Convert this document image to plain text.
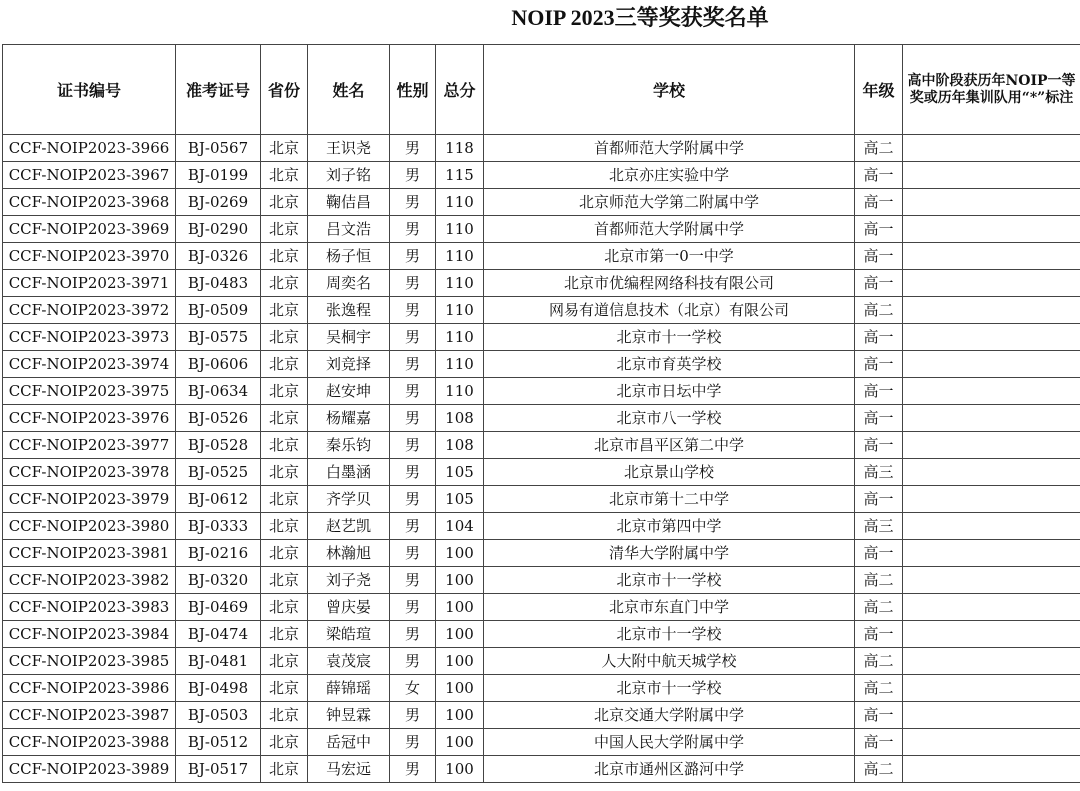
NOIP 2023三等奖获奖名单
证书编号	准考证号	省份	姓名	性别	总分	学校	年级	高中阶段获历年NOIP一等奖或历年集训队用“*”标注
CCF-NOIP2023-3966	BJ-0567	北京	王识尧	男	118	首都师范大学附属中学	高二	
CCF-NOIP2023-3967	BJ-0199	北京	刘子铭	男	115	北京亦庄实验中学	高一	
CCF-NOIP2023-3968	BJ-0269	北京	鞠佶昌	男	110	北京师范大学第二附属中学	高一	
CCF-NOIP2023-3969	BJ-0290	北京	吕文浩	男	110	首都师范大学附属中学	高一	
CCF-NOIP2023-3970	BJ-0326	北京	杨子恒	男	110	北京市第一0一中学	高一	
CCF-NOIP2023-3971	BJ-0483	北京	周奕名	男	110	北京市优编程网络科技有限公司	高一	
CCF-NOIP2023-3972	BJ-0509	北京	张逸程	男	110	网易有道信息技术（北京）有限公司	高二	
CCF-NOIP2023-3973	BJ-0575	北京	吴桐宇	男	110	北京市十一学校	高一	
CCF-NOIP2023-3974	BJ-0606	北京	刘竞择	男	110	北京市育英学校	高一	
CCF-NOIP2023-3975	BJ-0634	北京	赵安坤	男	110	北京市日坛中学	高一	
CCF-NOIP2023-3976	BJ-0526	北京	杨耀嘉	男	108	北京市八一学校	高一	
CCF-NOIP2023-3977	BJ-0528	北京	秦乐钧	男	108	北京市昌平区第二中学	高一	
CCF-NOIP2023-3978	BJ-0525	北京	白墨涵	男	105	北京景山学校	高三	
CCF-NOIP2023-3979	BJ-0612	北京	齐学贝	男	105	北京市第十二中学	高一	
CCF-NOIP2023-3980	BJ-0333	北京	赵艺凯	男	104	北京市第四中学	高三	
CCF-NOIP2023-3981	BJ-0216	北京	林瀚旭	男	100	清华大学附属中学	高一	
CCF-NOIP2023-3982	BJ-0320	北京	刘子尧	男	100	北京市十一学校	高二	
CCF-NOIP2023-3983	BJ-0469	北京	曾庆晏	男	100	北京市东直门中学	高二	
CCF-NOIP2023-3984	BJ-0474	北京	梁皓瑄	男	100	北京市十一学校	高一	
CCF-NOIP2023-3985	BJ-0481	北京	袁茂宸	男	100	人大附中航天城学校	高二	
CCF-NOIP2023-3986	BJ-0498	北京	薛锦瑶	女	100	北京市十一学校	高二	
CCF-NOIP2023-3987	BJ-0503	北京	钟昱霖	男	100	北京交通大学附属中学	高一	
CCF-NOIP2023-3988	BJ-0512	北京	岳冠中	男	100	中国人民大学附属中学	高一	
CCF-NOIP2023-3989	BJ-0517	北京	马宏远	男	100	北京市通州区潞河中学	高二	
